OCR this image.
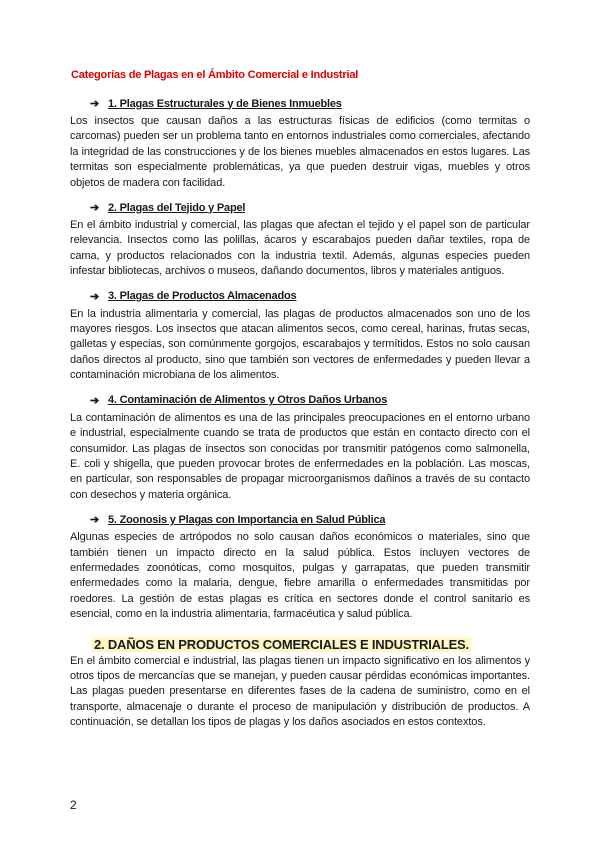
Categorías de Plagas en el Ámbito Comercial e Industrial
➔ 1. Plagas Estructurales y de Bienes Inmuebles

Los insectos que causan daños a las estructuras físicas de edificios (como termitas o carcomas) pueden ser un problema tanto en entornos industriales como comerciales, afectando la integridad de las construcciones y de los bienes muebles almacenados en estos lugares. Las termitas son especialmente problemáticas, ya que pueden destruir vigas, muebles y otros objetos de madera con facilidad.

➔ 2. Plagas del Tejido y Papel

En el ámbito industrial y comercial, las plagas que afectan el tejido y el papel son de particular relevancia. Insectos como las polillas, ácaros y escarabajos pueden dañar textiles, ropa de cama, y productos relacionados con la industria textil. Además, algunas especies pueden infestar bibliotecas, archivos o museos, dañando documentos, libros y materiales antiguos.

➔ 3. Plagas de Productos Almacenados

En la industria alimentaria y comercial, las plagas de productos almacenados son uno de los mayores riesgos. Los insectos que atacan alimentos secos, como cereal, harinas, frutas secas, galletas y especias, son comúnmente gorgojos, escarabajos y termítidos. Estos no solo causan daños directos al producto, sino que también son vectores de enfermedades y pueden llevar a contaminación microbiana de los alimentos.

➔ 4. Contaminación de Alimentos y Otros Daños Urbanos

La contaminación de alimentos es una de las principales preocupaciones en el entorno urbano e industrial, especialmente cuando se trata de productos que están en contacto directo con el consumidor. Las plagas de insectos son conocidas por transmitir patógenos como salmonella, E. coli y shigella, que pueden provocar brotes de enfermedades en la población. Las moscas, en particular, son responsables de propagar microorganismos dañinos a través de su contacto con desechos y materia orgánica.

➔ 5. Zoonosis y Plagas con Importancia en Salud Pública

Algunas especies de artrópodos no solo causan daños económicos o materiales, sino que también tienen un impacto directo en la salud pública. Estos incluyen vectores de enfermedades zoonóticas, como mosquitos, pulgas y garrapatas, que pueden transmitir enfermedades como la malaria, dengue, fiebre amarilla o enfermedades transmitidas por roedores. La gestión de estas plagas es crítica en sectores donde el control sanitario es esencial, como en la industria alimentaria, farmacéutica y salud pública.

2. DAÑOS EN PRODUCTOS COMERCIALES E INDUSTRIALES.

En el ámbito comercial e industrial, las plagas tienen un impacto significativo en los alimentos y otros tipos de mercancías que se manejan, y pueden causar pérdidas económicas importantes. Las plagas pueden presentarse en diferentes fases de la cadena de suministro, como en el transporte, almacenaje o durante el proceso de manipulación y distribución de productos. A continuación, se detallan los tipos de plagas y los daños asociados en estos contextos.

2
